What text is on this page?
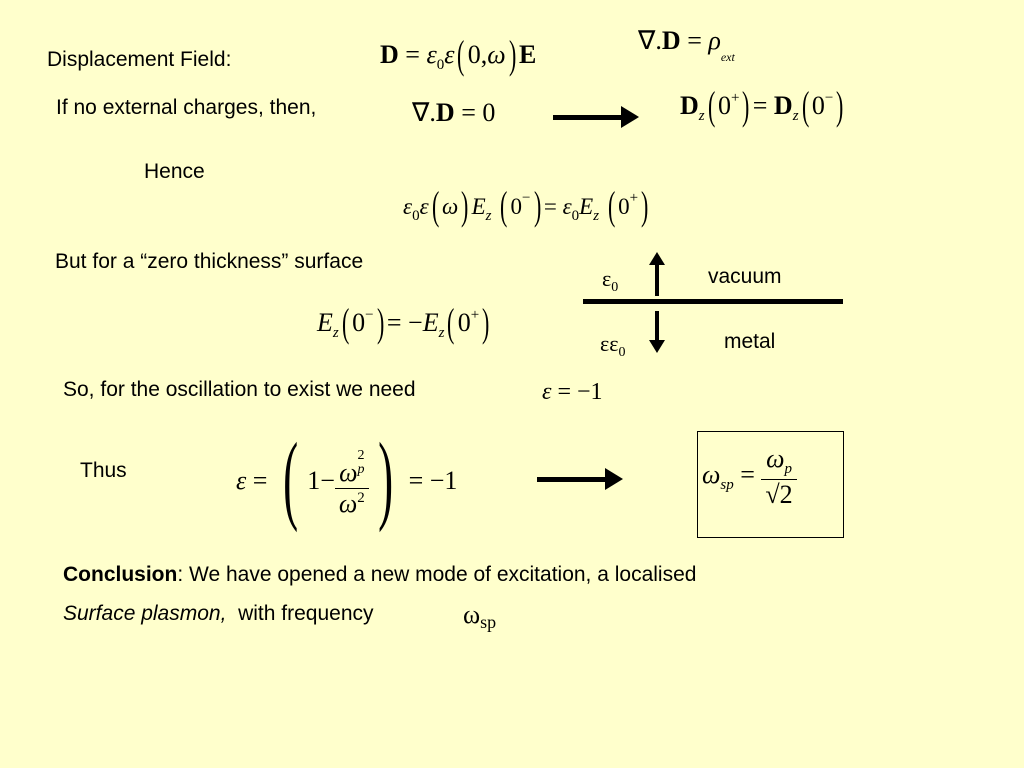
Displacement Field:
If no external charges, then,
Hence
But for a “zero thickness” surface
So, for the oscillation to exist we need
Thus
Conclusion: We have opened a new mode of excitation, a localised
Surface plasmon,  with frequency	ωsp
$D = \varepsilon_0\varepsilon$( 0,ω) E	$\nabla.D = \rho_{ext}$
∇.D = 0	$D_z$( $0^+) = D_z$( 0−)
$\varepsilon_0\varepsilon$( ω) $E_z$ ( $0^-) = \varepsilon_0E_z$ ( 0+)
$E_z$( $0^-) = -E_z$( 0+)
ε = −1
ε = ( 1− ω
2
p
$\omega^2$ ) = −1	$\omega_{sp} = \frac{\omega_p}{√2}$
$\varepsilon_0$	vacuum
$\varepsilon\varepsilon_0$	metal
